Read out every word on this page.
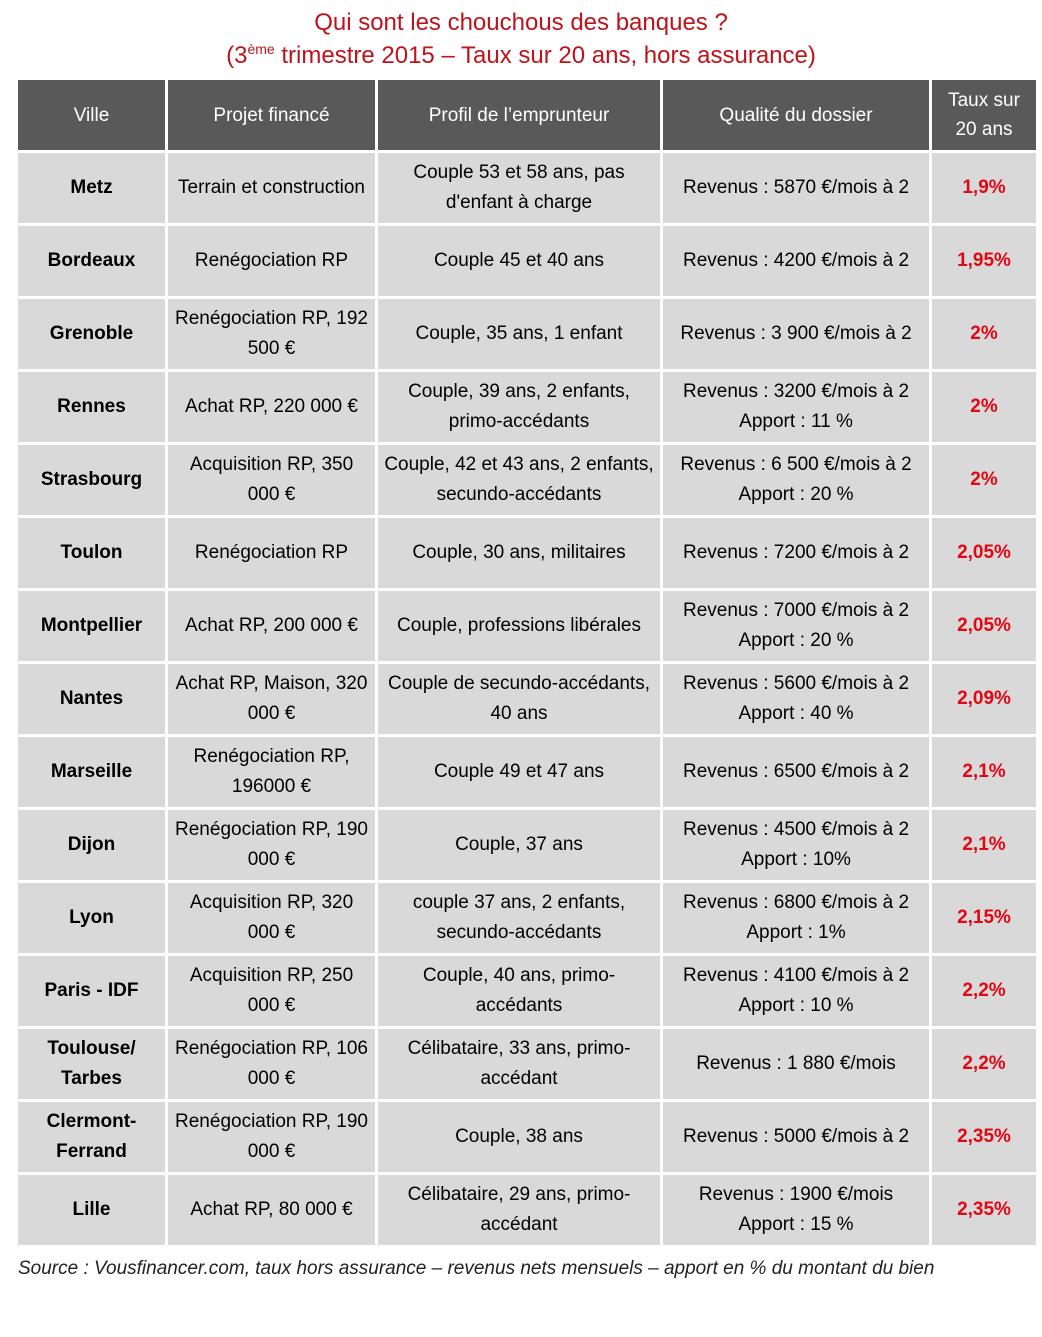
Qui sont les chouchous des banques ?
(3ème trimestre 2015 – Taux sur 20 ans, hors assurance)
Ville	Projet financé	Profil de l’emprunteur	Qualité du dossier	Taux sur
20 ans
Metz	Terrain et construction	Couple 53 et 58 ans, pas d'enfant à charge	Revenus : 5870 €/mois à 2	1,9%
Bordeaux	Renégociation RP	Couple 45 et 40 ans	Revenus : 4200 €/mois à 2	1,95%
Grenoble	Renégociation RP, 192 500 €	Couple, 35 ans, 1 enfant	Revenus : 3 900 €/mois à 2	2%
Rennes	Achat RP, 220 000 €	Couple, 39 ans, 2 enfants, primo-accédants	Revenus : 3200 €/mois à 2
Apport : 11 %	2%
Strasbourg	Acquisition RP, 350 000 €	Couple, 42 et 43 ans, 2 enfants, secundo-accédants	Revenus : 6 500 €/mois à 2
Apport : 20 %	2%
Toulon	Renégociation RP	Couple, 30 ans, militaires	Revenus : 7200 €/mois à 2	2,05%
Montpellier	Achat RP, 200 000 €	Couple, professions libérales	Revenus : 7000 €/mois à 2
Apport : 20 %	2,05%
Nantes	Achat RP, Maison, 320 000 €	Couple de secundo-accédants, 40 ans	Revenus : 5600 €/mois à 2
Apport : 40 %	2,09%
Marseille	Renégociation RP, 196000 €	Couple 49 et 47 ans	Revenus : 6500 €/mois à 2	2,1%
Dijon	Renégociation RP, 190 000 €	Couple, 37 ans	Revenus : 4500 €/mois à 2
Apport : 10%	2,1%
Lyon	Acquisition RP, 320 000 €	couple 37 ans, 2 enfants, secundo-accédants	Revenus : 6800 €/mois à 2
Apport : 1%	2,15%
Paris - IDF	Acquisition RP, 250 000 €	Couple, 40 ans, primo-accédants	Revenus : 4100 €/mois à 2
Apport : 10 %	2,2%
Toulouse/ Tarbes	Renégociation RP, 106 000 €	Célibataire, 33 ans, primo-accédant	Revenus : 1 880 €/mois	2,2%
Clermont-Ferrand	Renégociation RP, 190 000 €	Couple, 38 ans	Revenus : 5000 €/mois à 2	2,35%
Lille	Achat RP, 80 000 €	Célibataire, 29 ans, primo-accédant	Revenus : 1900 €/mois
Apport : 15 %	2,35%
Source : Vousfinancer.com, taux hors assurance – revenus nets mensuels – apport en % du montant du bien
